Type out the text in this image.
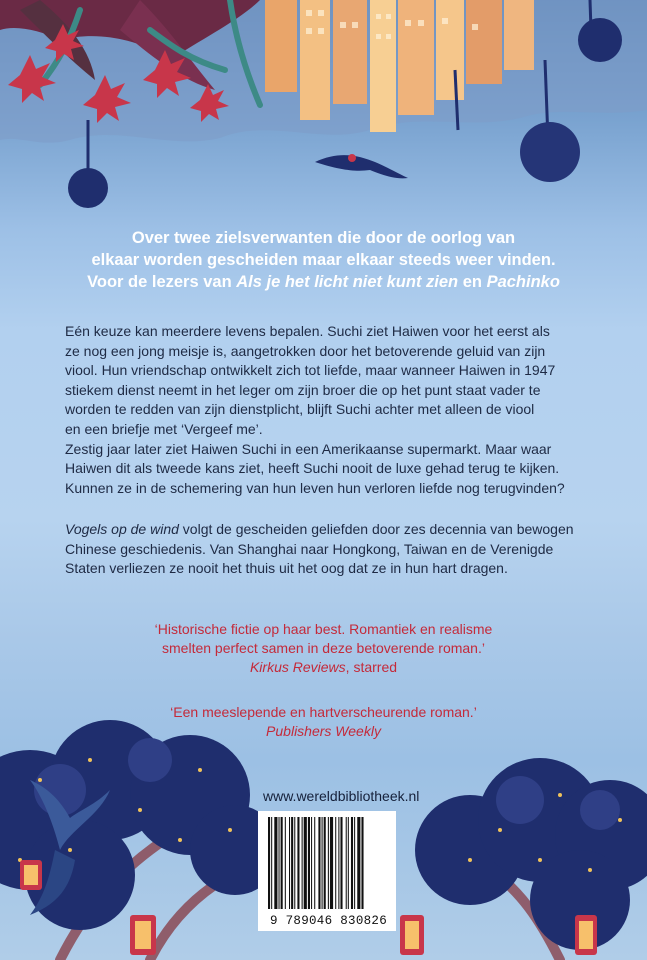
Over twee zielsverwanten die door de oorlog van
elkaar worden gescheiden maar elkaar steeds weer vinden.
Voor de lezers van Als je het licht niet kunt zien en Pachinko
Eén keuze kan meerdere levens bepalen. Suchi ziet Haiwen voor het eerst als
ze nog een jong meisje is, aangetrokken door het betoverende geluid van zijn
viool. Hun vriendschap ontwikkelt zich tot liefde, maar wanneer Haiwen in 1947
stiekem dienst neemt in het leger om zijn broer die op het punt staat vader te
worden te redden van zijn dienstplicht, blijft Suchi achter met alleen de viool
en een briefje met ‘Vergeef me’.
Zestig jaar later ziet Haiwen Suchi in een Amerikaanse supermarkt. Maar waar
Haiwen dit als tweede kans ziet, heeft Suchi nooit de luxe gehad terug te kijken.
Kunnen ze in de schemering van hun leven hun verloren liefde nog terugvinden?
Vogels op de wind volgt de gescheiden geliefden door zes decennia van bewogen
Chinese geschiedenis. Van Shanghai naar Hongkong, Taiwan en de Verenigde
Staten verliezen ze nooit het thuis uit het oog dat ze in hun hart dragen.
‘Historische fictie op haar best. Romantiek en realisme
smelten perfect samen in deze betoverende roman.’
Kirkus Reviews, starred
‘Een meeslepende en hartverscheurende roman.’
Publishers Weekly
www.wereldbibliotheek.nl
9 789046 830826
